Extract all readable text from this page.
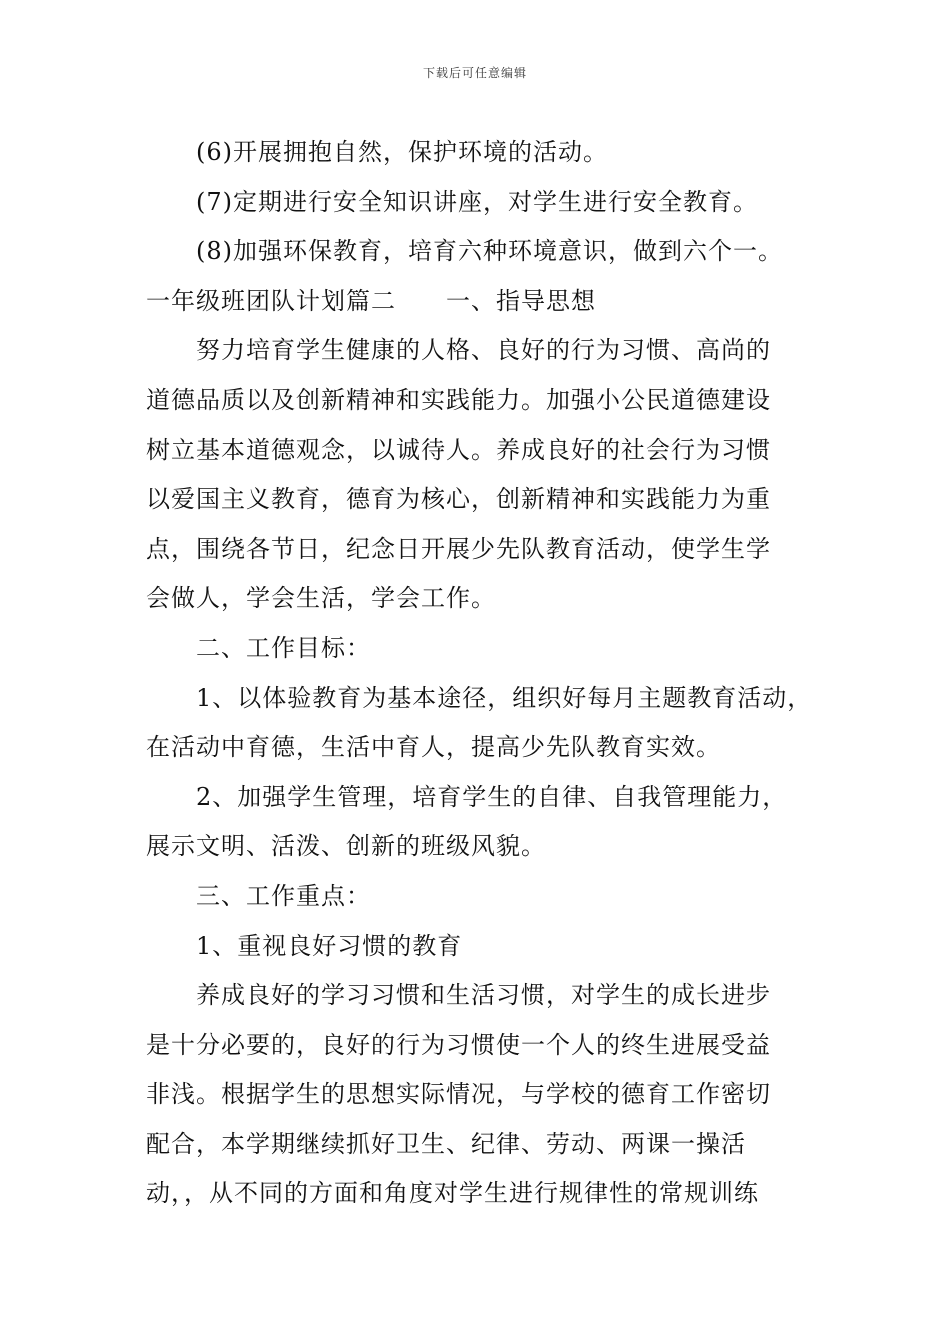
下载后可任意编辑
(6)开展拥抱自然，保护环境的活动。
(7)定期进行安全知识讲座，对学生进行安全教育。
(8)加强环保教育，培育六种环境意识，做到六个一。
一年级班团队计划篇二 一、指导思想
努力培育学生健康的人格、良好的行为习惯、高尚的
道德品质以及创新精神和实践能力。加强小公民道德建设
树立基本道德观念，以诚待人。养成良好的社会行为习惯
以爱国主义教育，德育为核心，创新精神和实践能力为重
点，围绕各节日，纪念日开展少先队教育活动，使学生学
会做人，学会生活，学会工作。
二、工作目标：
1、以体验教育为基本途径，组织好每月主题教育活动，
在活动中育德，生活中育人，提高少先队教育实效。
2、加强学生管理，培育学生的自律、自我管理能力，
展示文明、活泼、创新的班级风貌。
三、工作重点：
1、重视良好习惯的教育
养成良好的学习习惯和生活习惯，对学生的成长进步
是十分必要的，良好的行为习惯使一个人的终生进展受益
非浅。根据学生的思想实际情况，与学校的德育工作密切
配合，本学期继续抓好卫生、纪律、劳动、两课一操活
动，，从不同的方面和角度对学生进行规律性的常规训练
